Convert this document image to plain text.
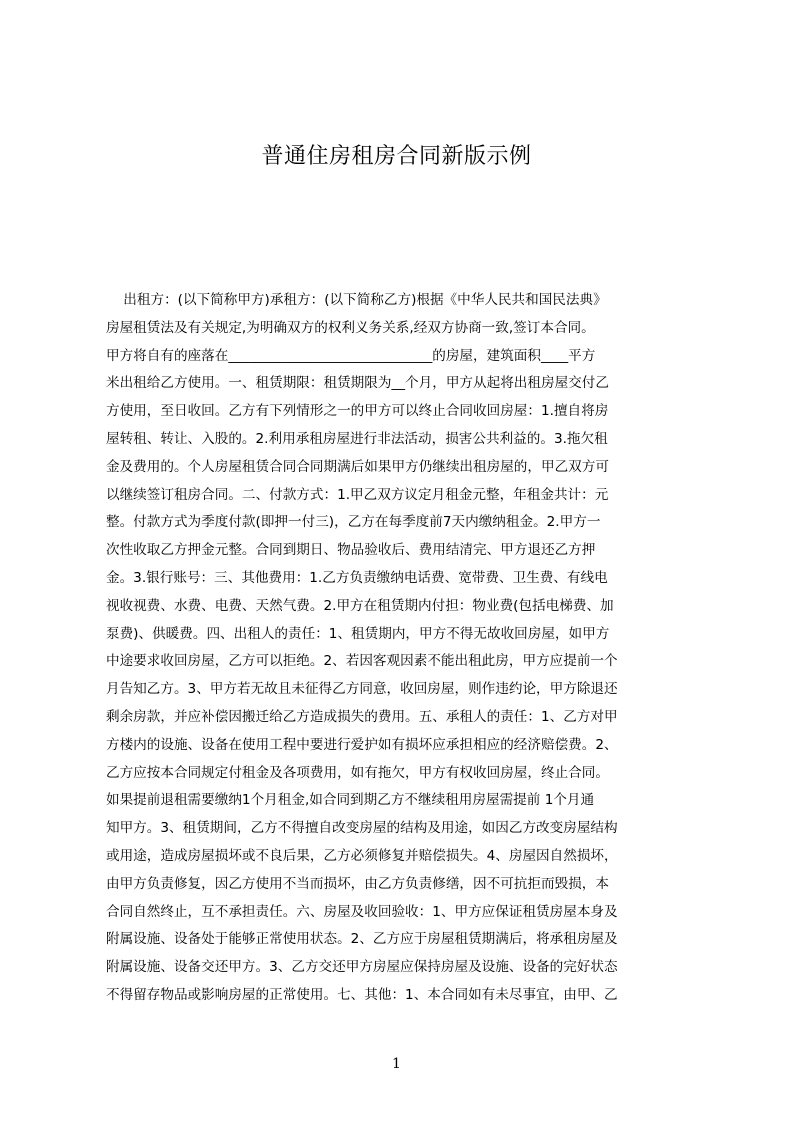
普通住房租房合同新版示例
出租方：(以下简称甲方)承租方：(以下简称乙方)根据《中华人民共和国民法典》
房屋租赁法及有关规定,为明确双方的权利义务关系,经双方协商一致,签订本合同。
甲方将自有的座落在______________________________的房屋，建筑面积____平方
米出租给乙方使用。一、租赁期限：租赁期限为__个月，甲方从起将出租房屋交付乙
方使用，至日收回。乙方有下列情形之一的甲方可以终止合同收回房屋：1.擅自将房
屋转租、转让、入股的。2.利用承租房屋进行非法活动，损害公共利益的。3.拖欠租
金及费用的。个人房屋租赁合同合同期满后如果甲方仍继续出租房屋的，甲乙双方可
以继续签订租房合同。二、付款方式：1.甲乙双方议定月租金元整，年租金共计：元
整。付款方式为季度付款(即押一付三)，乙方在每季度前7天内缴纳租金。2.甲方一
次性收取乙方押金元整。合同到期日、物品验收后、费用结清完、甲方退还乙方押
金。3.银行账号：三、其他费用：1.乙方负责缴纳电话费、宽带费、卫生费、有线电
视收视费、水费、电费、天然气费。2.甲方在租赁期内付担：物业费(包括电梯费、加
泵费)、供暖费。四、出租人的责任：1、租赁期内，甲方不得无故收回房屋，如甲方
中途要求收回房屋，乙方可以拒绝。2、若因客观因素不能出租此房，甲方应提前一个
月告知乙方。3、甲方若无故且未征得乙方同意，收回房屋，则作违约论，甲方除退还
剩余房款，并应补偿因搬迁给乙方造成损失的费用。五、承租人的责任：1、乙方对甲
方楼内的设施、设备在使用工程中要进行爱护如有损坏应承担相应的经济赔偿费。2、
乙方应按本合同规定付租金及各项费用，如有拖欠，甲方有权收回房屋，终止合同。
如果提前退租需要缴纳1个月租金,如合同到期乙方不继续租用房屋需提前 1个月通
知甲方。3、租赁期间，乙方不得擅自改变房屋的结构及用途，如因乙方改变房屋结构
或用途，造成房屋损坏或不良后果，乙方必须修复并赔偿损失。4、房屋因自然损坏，
由甲方负责修复，因乙方使用不当而损坏，由乙方负责修缮，因不可抗拒而毁损，本
合同自然终止，互不承担责任。六、房屋及收回验收：1、甲方应保证租赁房屋本身及
附属设施、设备处于能够正常使用状态。2、乙方应于房屋租赁期满后，将承租房屋及
附属设施、设备交还甲方。3、乙方交还甲方房屋应保持房屋及设施、设备的完好状态
不得留存物品或影响房屋的正常使用。七、其他：1、本合同如有未尽事宜，由甲、乙
1
